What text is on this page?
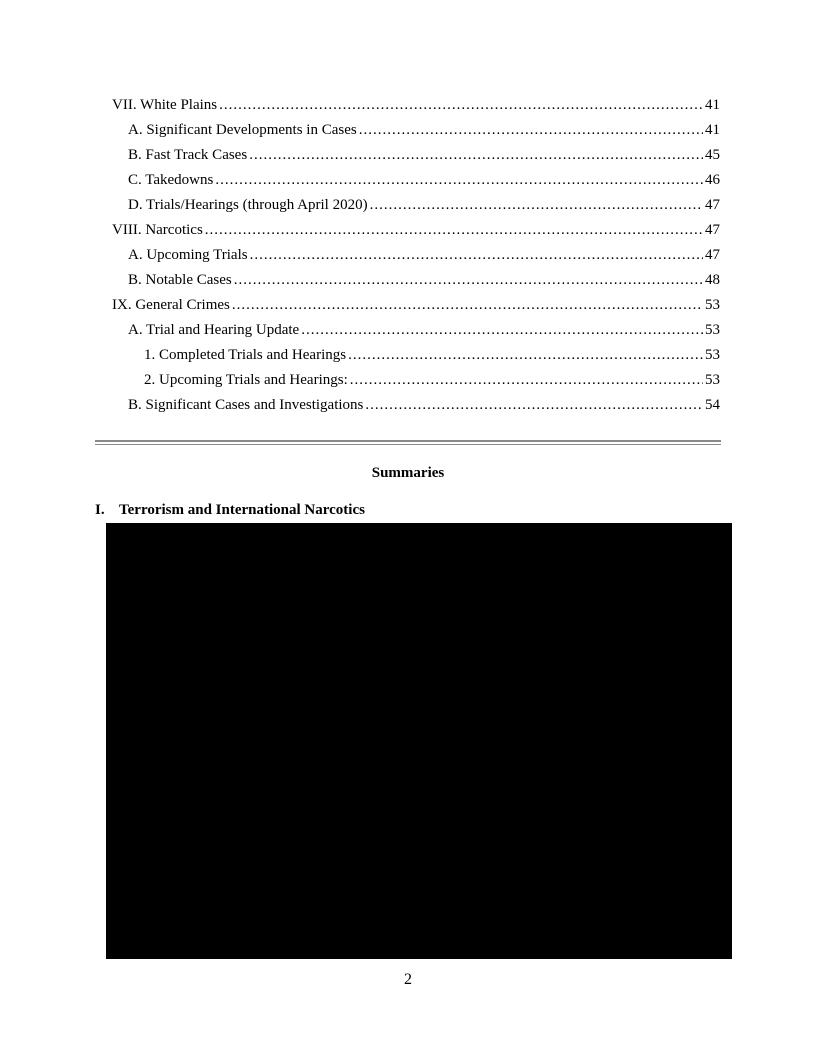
VII. White Plains .....	41
A. Significant Developments in Cases .....	41
B. Fast Track Cases .....	45
C. Takedowns .....	46
D. Trials/Hearings (through April 2020) .....	47
VIII. Narcotics .....	47
A. Upcoming Trials .....	47
B. Notable Cases .....	48
IX. General Crimes .....	53
A. Trial and Hearing Update .....	53
1. Completed Trials and Hearings .....	53
2. Upcoming Trials and Hearings: .....	53
B. Significant Cases and Investigations .....	54
Summaries
I. Terrorism and International Narcotics
2
